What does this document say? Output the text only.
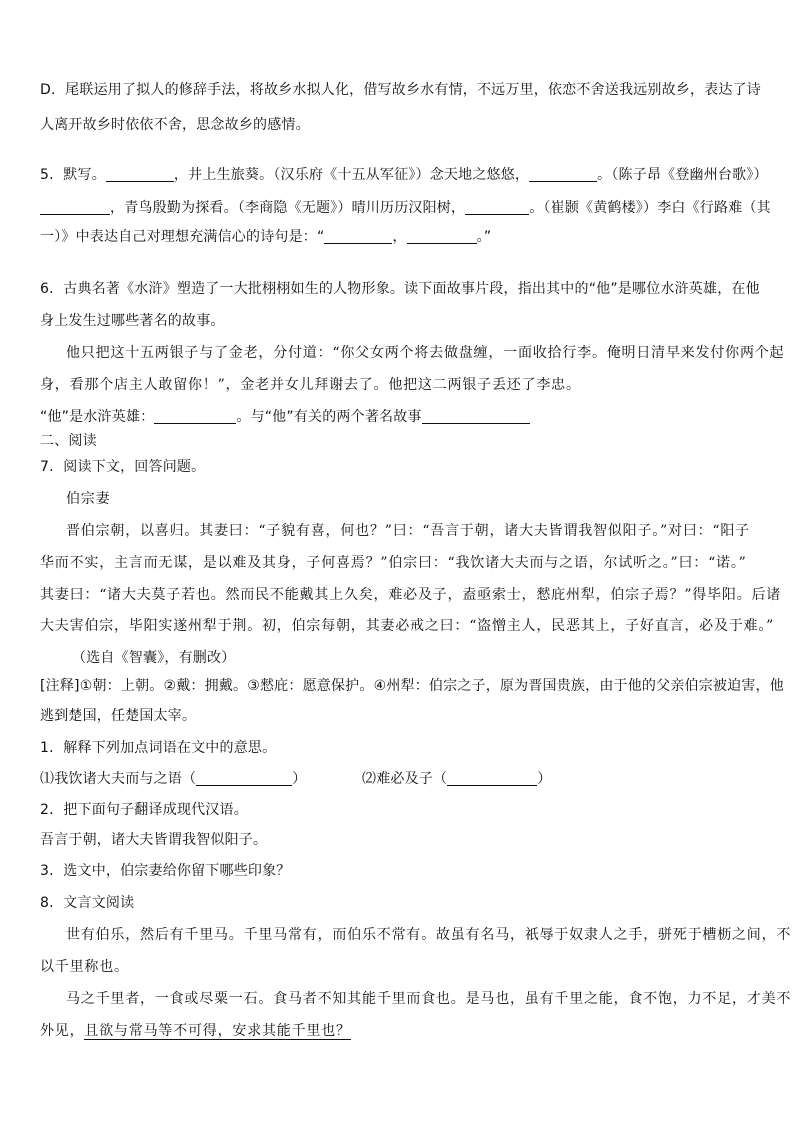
D．尾联运用了拟人的修辞手法，将故乡水拟人化，借写故乡水有情，不远万里，依恋不舍送我远别故乡，表达了诗
人离开故乡时依依不舍，思念故乡的感情。
5．默写。	，井上生旅葵。（汉乐府《十五从军征》）念天地之悠悠，	。（陈子昂《登幽州台歌》）
，青鸟殷勤为探看。（李商隐《无题》）晴川历历汉阳树，	。（崔颢《黄鹤楼》）李白《行路难（其
一）》中表达自己对理想充满信心的诗句是：“	，	。”
6．古典名著《水浒》塑造了一大批栩栩如生的人物形象。读下面故事片段，指出其中的“他”是哪位水浒英雄，在他
身上发生过哪些著名的故事。
他只把这十五两银子与了金老，分付道：“你父女两个将去做盘缠，一面收拾行李。俺明日清早来发付你两个起
身，看那个店主人敢留你！”，金老并女儿拜谢去了。他把这二两银子丢还了李忠。
“他”是水浒英雄：	。与“他”有关的两个著名故事
二、阅读
7．阅读下文，回答问题。
伯宗妻
晋伯宗朝，以喜归。其妻曰：“子貌有喜，何也？”曰：“吾言于朝，诸大夫皆谓我智似阳子。”对曰：“阳子
华而不实，主言而无谋，是以难及其身，子何喜焉？”伯宗曰：“我饮诸大夫而与之语，尔试听之。”曰：“诺。”
其妻曰：“诸大夫莫子若也。然而民不能戴其上久矣，难必及子，盍亟索士，憖庇州犁，伯宗子焉？”得毕阳。后诸
大夫害伯宗，毕阳实遂州犁于荆。初，伯宗每朝，其妻必戒之曰：“盗憎主人，民恶其上，子好直言，必及于难。”
（选自《智囊》，有删改）
[注释]①朝：上朝。②戴：拥戴。③憖庇：愿意保护。④州犁：伯宗之子，原为晋国贵族，由于他的父亲伯宗被迫害，他
逃到楚国，任楚国太宰。
1．解释下列加点词语在文中的意思。
⑴我饮诸大夫而与之语（	）	⑵难必及子（	）
2．把下面句子翻译成现代汉语。
吾言于朝，诸大夫皆谓我智似阳子。
3．选文中，伯宗妻给你留下哪些印象？
8．文言文阅读
世有伯乐，然后有千里马。千里马常有，而伯乐不常有。故虽有名马，祇辱于奴隶人之手，骈死于槽枥之间，不
以千里称也。
马之千里者，一食或尽粟一石。食马者不知其能千里而食也。是马也，虽有千里之能，食不饱，力不足，才美不
外见，且欲与常马等不可得，安求其能千里也？
